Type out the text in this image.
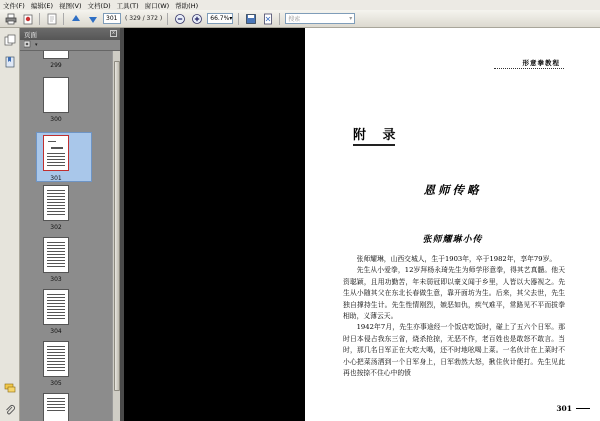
文件(F) 编辑(E) 视图(V) 文档(D) 工具(T) 窗口(W) 帮助(H)
301	( 329 / 372 )	66.7% ▾	搜索	▾
页面	x
▾
299
300
301
302
303
304
305
形意拳教程
附 录
恩师传略
张师耀琳小传

张师耀琳，山西交城人，生于1903年，卒于1982年，享年79岁。

先生从小爱拳，12岁拜杨永琦先生为师学形意拳，得其艺真髓。他天资聪颖，且用功勤苦，年未弱冠即以豪义闻于乡里，人皆以大器视之。先生从小随其父在东北长春做生意，靠开面坊为生。后来，其父去世，先生独自撑持生计。先生性情刚烈，嫉恶如仇，疾气难平，常路见不平而拔拳相助，义薄云天。

1942年7月，先生亦事途经一个饭店吃饭时，碰上了五六个日军。那时日本侵占我东三省，烧杀抢掠，无恶不作，老百姓也是敢怒不敢言。当时，那几名日军正在大吃大喝，还不时地吆喝上菜。一名伙计在上菜时不小心把菜汤洒到一个日军身上，日军勃然大怒，揪住伙计便打。先生见此再也按捺不住心中的愤

301
